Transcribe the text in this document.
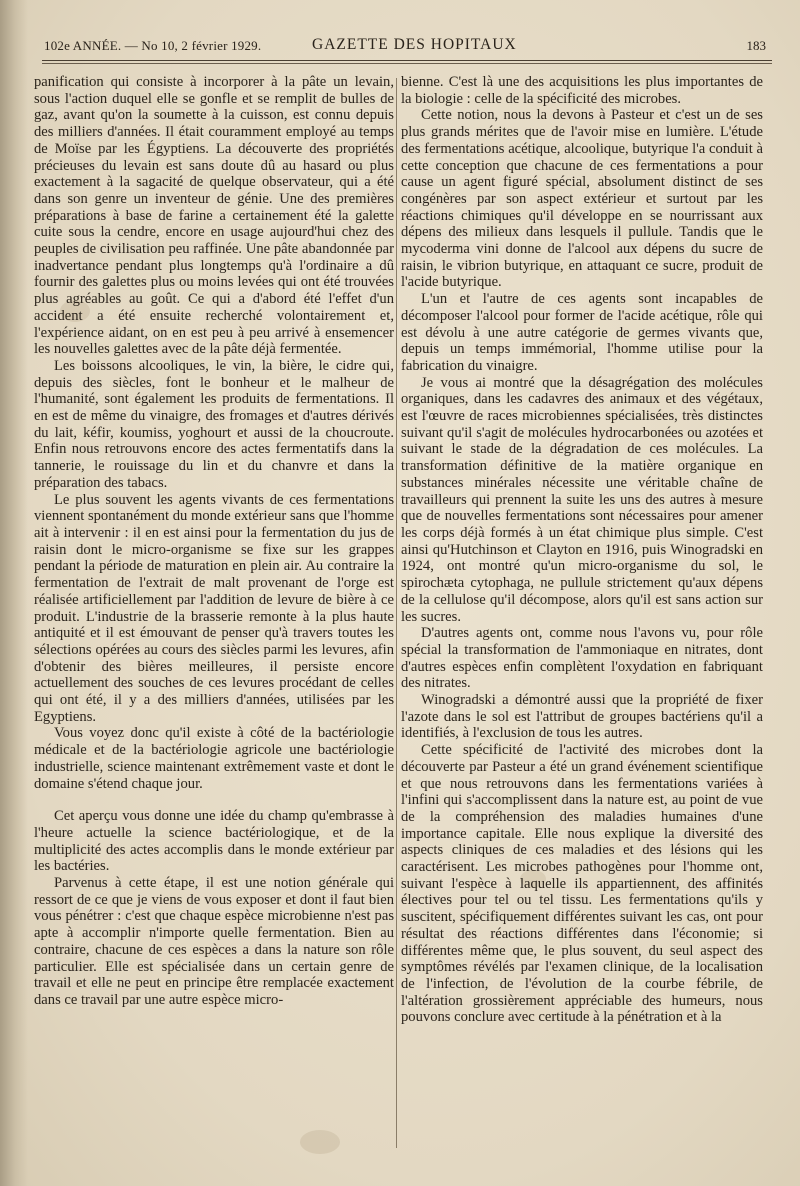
102e ANNÉE. — No 10, 2 février 1929.	GAZETTE DES HOPITAUX	183

panification qui consiste à incorporer à la pâte un levain, sous l'action duquel elle se gonfle et se remplit de bulles de gaz, avant qu'on la soumette à la cuisson, est connu depuis des milliers d'années. Il était couramment employé au temps de Moïse par les Égyptiens. La découverte des propriétés précieuses du levain est sans doute dû au hasard ou plus exactement à la sagacité de quelque observateur, qui a été dans son genre un inventeur de génie. Une des premières préparations à base de farine a certainement été la galette cuite sous la cendre, encore en usage aujourd'hui chez des peuples de civilisation peu raffinée. Une pâte abandonnée par inadvertance pendant plus longtemps qu'à l'ordinaire a dû fournir des galettes plus ou moins levées qui ont été trouvées plus agréables au goût. Ce qui a d'abord été l'effet d'un accident a été ensuite recherché volontairement et, l'expérience aidant, on en est peu à peu arrivé à ensemencer les nouvelles galettes avec de la pâte déjà fermentée.

Les boissons alcooliques, le vin, la bière, le cidre qui, depuis des siècles, font le bonheur et le malheur de l'humanité, sont également les produits de fermentations. Il en est de même du vinaigre, des fromages et d'autres dérivés du lait, kéfir, koumiss, yoghourt et aussi de la choucroute. Enfin nous retrouvons encore des actes fermentatifs dans la tannerie, le rouissage du lin et du chanvre et dans la préparation des tabacs.

Le plus souvent les agents vivants de ces fermentations viennent spontanément du monde extérieur sans que l'homme ait à intervenir : il en est ainsi pour la fermentation du jus de raisin dont le micro-organisme se fixe sur les grappes pendant la période de maturation en plein air. Au contraire la fermentation de l'extrait de malt provenant de l'orge est réalisée artificiellement par l'addition de levure de bière à ce produit. L'industrie de la brasserie remonte à la plus haute antiquité et il est émouvant de penser qu'à travers toutes les sélections opérées au cours des siècles parmi les levures, afin d'obtenir des bières meilleures, il persiste encore actuellement des souches de ces levures procédant de celles qui ont été, il y a des milliers d'années, utilisées par les Egyptiens.

Vous voyez donc qu'il existe à côté de la bactériologie médicale et de la bactériologie agricole une bactériologie industrielle, science maintenant extrêmement vaste et dont le domaine s'étend chaque jour.

Cet aperçu vous donne une idée du champ qu'embrasse à l'heure actuelle la science bactériologique, et de la multiplicité des actes accomplis dans le monde extérieur par les bactéries.

Parvenus à cette étape, il est une notion générale qui ressort de ce que je viens de vous exposer et dont il faut bien vous pénétrer : c'est que chaque espèce microbienne n'est pas apte à accomplir n'importe quelle fermentation. Bien au contraire, chacune de ces espèces a dans la nature son rôle particulier. Elle est spécialisée dans un certain genre de travail et elle ne peut en principe être remplacée exactement dans ce travail par une autre espèce micro-

bienne. C'est là une des acquisitions les plus importantes de la biologie : celle de la spécificité des microbes.

Cette notion, nous la devons à Pasteur et c'est un de ses plus grands mérites que de l'avoir mise en lumière. L'étude des fermentations acétique, alcoolique, butyrique l'a conduit à cette conception que chacune de ces fermentations a pour cause un agent figuré spécial, absolument distinct de ses congénères par son aspect extérieur et surtout par les réactions chimiques qu'il développe en se nourrissant aux dépens des milieux dans lesquels il pullule. Tandis que le mycoderma vini donne de l'alcool aux dépens du sucre de raisin, le vibrion butyrique, en attaquant ce sucre, produit de l'acide butyrique.

L'un et l'autre de ces agents sont incapables de décomposer l'alcool pour former de l'acide acétique, rôle qui est dévolu à une autre catégorie de germes vivants que, depuis un temps immémorial, l'homme utilise pour la fabrication du vinaigre.

Je vous ai montré que la désagrégation des molécules organiques, dans les cadavres des animaux et des végétaux, est l'œuvre de races microbiennes spécialisées, très distinctes suivant qu'il s'agit de molécules hydrocarbonées ou azotées et suivant le stade de la dégradation de ces molécules. La transformation définitive de la matière organique en substances minérales nécessite une véritable chaîne de travailleurs qui prennent la suite les uns des autres à mesure que de nouvelles fermentations sont nécessaires pour amener les corps déjà formés à un état chimique plus simple. C'est ainsi qu'Hutchinson et Clayton en 1916, puis Winogradski en 1924, ont montré qu'un micro-organisme du sol, le spirochæta cytophaga, ne pullule strictement qu'aux dépens de la cellulose qu'il décompose, alors qu'il est sans action sur les sucres.

D'autres agents ont, comme nous l'avons vu, pour rôle spécial la transformation de l'ammoniaque en nitrates, dont d'autres espèces enfin complètent l'oxydation en fabriquant des nitrates.

Winogradski a démontré aussi que la propriété de fixer l'azote dans le sol est l'attribut de groupes bactériens qu'il a identifiés, à l'exclusion de tous les autres.

Cette spécificité de l'activité des microbes dont la découverte par Pasteur a été un grand événement scientifique et que nous retrouvons dans les fermentations variées à l'infini qui s'accomplissent dans la nature est, au point de vue de la compréhension des maladies humaines d'une importance capitale. Elle nous explique la diversité des aspects cliniques de ces maladies et des lésions qui les caractérisent. Les microbes pathogènes pour l'homme ont, suivant l'espèce à laquelle ils appartiennent, des affinités électives pour tel ou tel tissu. Les fermentations qu'ils y suscitent, spécifiquement différentes suivant les cas, ont pour résultat des réactions différentes dans l'économie; si différentes même que, le plus souvent, du seul aspect des symptômes révélés par l'examen clinique, de la localisation de l'infection, de l'évolution de la courbe fébrile, de l'altération grossièrement appréciable des humeurs, nous pouvons conclure avec certitude à la pénétration et à la
